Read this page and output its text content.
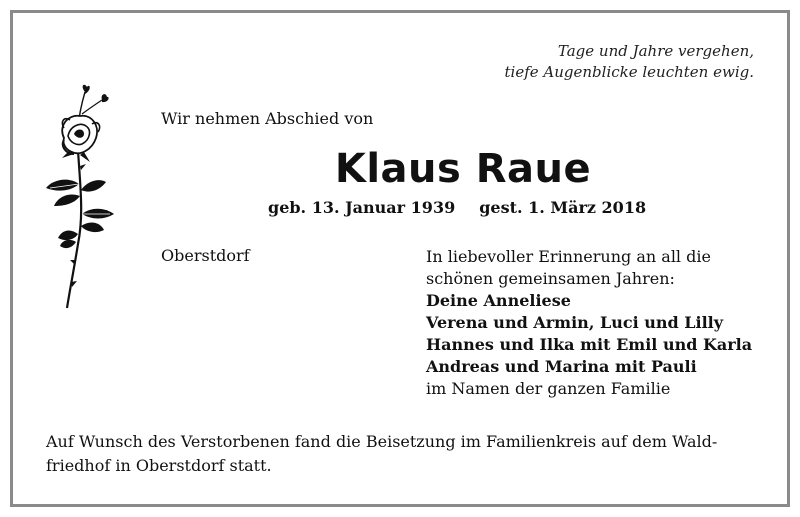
Tage und Jahre vergehen,
tiefe Augenblicke leuchten ewig.
Wir nehmen Abschied von
Klaus Raue
geb. 13. Januar 1939 gest. 1. März 2018
Oberstdorf	In liebevoller Erinnerung an all die
schönen gemeinsamen Jahren:
Deine Anneliese
Verena und Armin, Luci und Lilly
Hannes und Ilka mit Emil und Karla
Andreas und Marina mit Pauli
im Namen der ganzen Familie
Auf Wunsch des Verstorbenen fand die Beisetzung im Familienkreis auf dem Wald-
friedhof in Oberstdorf statt.
